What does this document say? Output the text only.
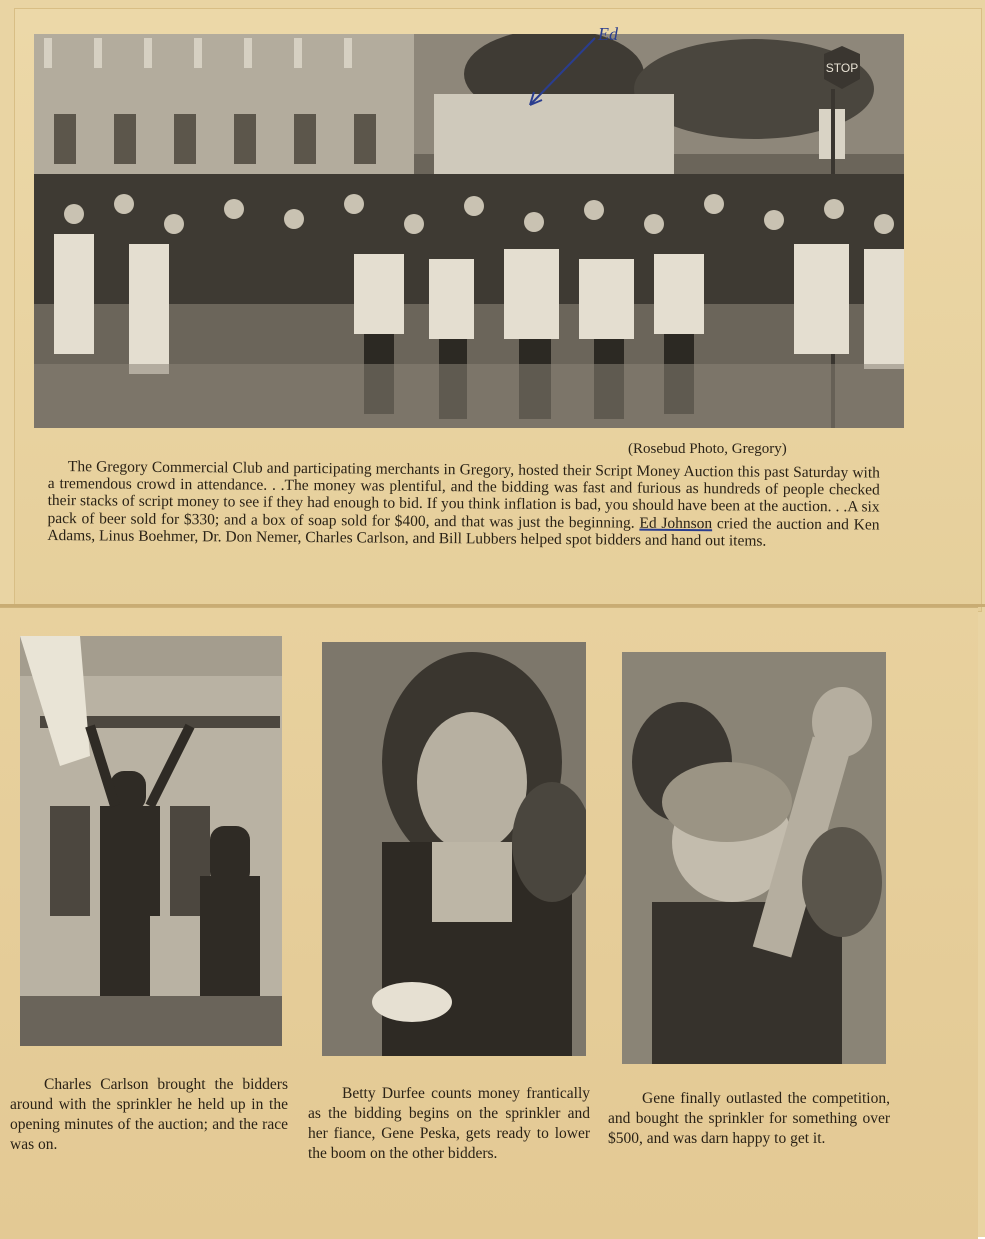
STOP
Ed
(Rosebud Photo, Gregory)
The Gregory Commercial Club and participating merchants in Gregory, hosted their Script Money Auction this past Saturday with a tremendous crowd in attendance. . .The money was plentiful, and the bidding was fast and furious as hundreds of people checked their stacks of script money to see if they had enough to bid. If you think inflation is bad, you should have been at the auction. . .A six pack of beer sold for $330; and a box of soap sold for $400, and that was just the beginning. Ed Johnson cried the auction and Ken Adams, Linus Boehmer, Dr. Don Nemer, Charles Carlson, and Bill Lubbers helped spot bidders and hand out items.
Charles Carlson brought the bidders around with the sprinkler he held up in the opening minutes of the auction; and the race was on.
Betty Durfee counts money frantically as the bidding begins on the sprinkler and her fiance, Gene Peska, gets ready to lower the boom on the other bidders.
Gene finally outlasted the competition, and bought the sprinkler for something over $500, and was darn happy to get it.
